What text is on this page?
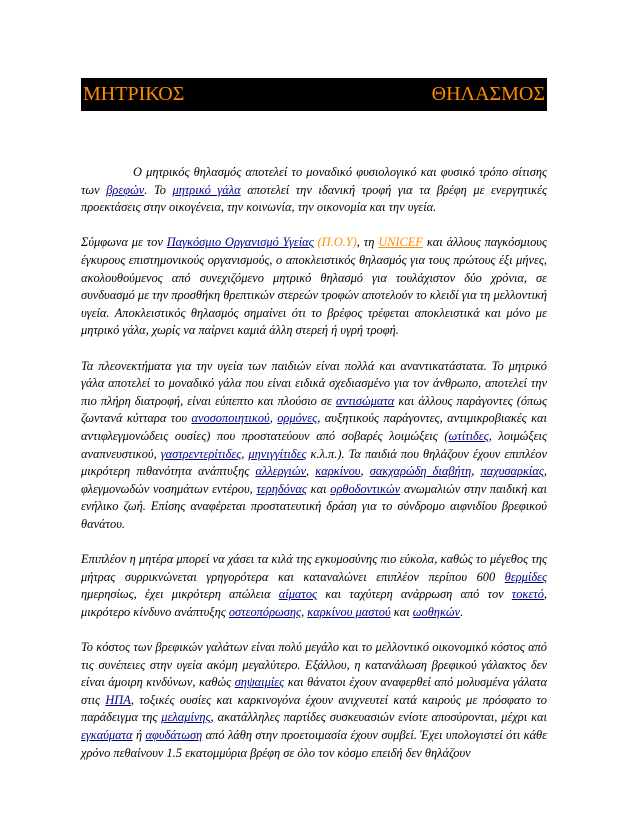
ΜΗΤΡΙΚΟΣ	ΘΗΛΑΣΜΟΣ

Ο μητρικός θηλασμός αποτελεί το μοναδικό φυσιολογικό και φυσικό τρόπο σίτισης των βρεφών. Το μητρικό γάλα αποτελεί την ιδανική τροφή για τα βρέφη με ενεργητικές προεκτάσεις στην οικογένεια, την κοινωνία, την οικονομία και την υγεία.

Σύμφωνα με τον Παγκόσμιο Οργανισμό Υγείας (Π.Ο.Υ), τη UNICEF και άλλους παγκόσμιους έγκυρους επιστημονικούς οργανισμούς, ο αποκλειστικός θηλασμός για τους πρώτους έξι μήνες, ακολουθούμενος από συνεχιζόμενο μητρικό θηλασμό για τουλάχιστον δύο χρόνια, σε συνδυασμό με την προσθήκη θρεπτικών στερεών τροφών αποτελούν το κλειδί για τη μελλοντική υγεία. Αποκλειστικός θηλασμός σημαίνει ότι το βρέφος τρέφεται αποκλειστικά και μόνο με μητρικό γάλα, χωρίς να παίρνει καμιά άλλη στερεή ή υγρή τροφή.

Τα πλεονεκτήματα για την υγεία των παιδιών είναι πολλά και αναντικατάστατα. Το μητρικό γάλα αποτελεί το μοναδικό γάλα που είναι ειδικά σχεδιασμένο για τον άνθρωπο, αποτελεί την πιο πλήρη διατροφή, είναι εύπεπτο και πλούσιο σε αντισώματα και άλλους παράγοντες (όπως ζωντανά κύτταρα του ανοσοποιητικού, ορμόνες, αυξητικούς παράγοντες, αντιμικροβιακές και αντιφλεγμονώδεις ουσίες) που προστατεύουν από σοβαρές λοιμώξεις (ωτίτιδες, λοιμώξεις αναπνευστικού, γαστρεντερίτιδες, μηνιγγίτιδες κ.λ.π.). Τα παιδιά που θηλάζουν έχουν επιπλέον μικρότερη πιθανότητα ανάπτυξης αλλεργιών, καρκίνου, σακχαρώδη διαβήτη, παχυσαρκίας, φλεγμονωδών νοσημάτων εντέρου, τερηδόνας και ορθοδοντικών ανωμαλιών στην παιδική και ενήλικο ζωή. Επίσης αναφέρεται προστατευτική δράση για το σύνδρομο αιφνιδίου βρεφικού θανάτου.

Επιπλέον η μητέρα μπορεί να χάσει τα κιλά της εγκυμοσύνης πιο εύκολα, καθώς το μέγεθος της μήτρας συρρικνώνεται γρηγορότερα και καταναλώνει επιπλέον περίπου 600 θερμίδες ημερησίως, έχει μικρότερη απώλεια αίματος και ταχύτερη ανάρρωση από τον τοκετό, μικρότερο κίνδυνο ανάπτυξης οστεοπόρωσης, καρκίνου μαστού και ωοθηκών.

Το κόστος των βρεφικών γαλάτων είναι πολύ μεγάλο και το μελλοντικό οικονομικό κόστος από τις συνέπειες στην υγεία ακόμη μεγαλύτερο. Εξάλλου, η κατανάλωση βρεφικού γάλακτος δεν είναι άμοιρη κινδύνων, καθώς σηψαιμίες και θάνατοι έχουν αναφερθεί από μολυσμένα γάλατα στις ΗΠΑ, τοξικές ουσίες και καρκινογόνα έχουν ανιχνευτεί κατά καιρούς με πρόσφατο το παράδειγμα της μελαμίνης, ακατάλληλες παρτίδες συσκευασιών ενίοτε αποσύρονται, μέχρι και εγκαύματα ή αφυδάτωση από λάθη στην προετοιμασία έχουν συμβεί. Έχει υπολογιστεί ότι κάθε χρόνο πεθαίνουν 1.5 εκατομμύρια βρέφη σε όλο τον κόσμο επειδή δεν θηλάζουν
